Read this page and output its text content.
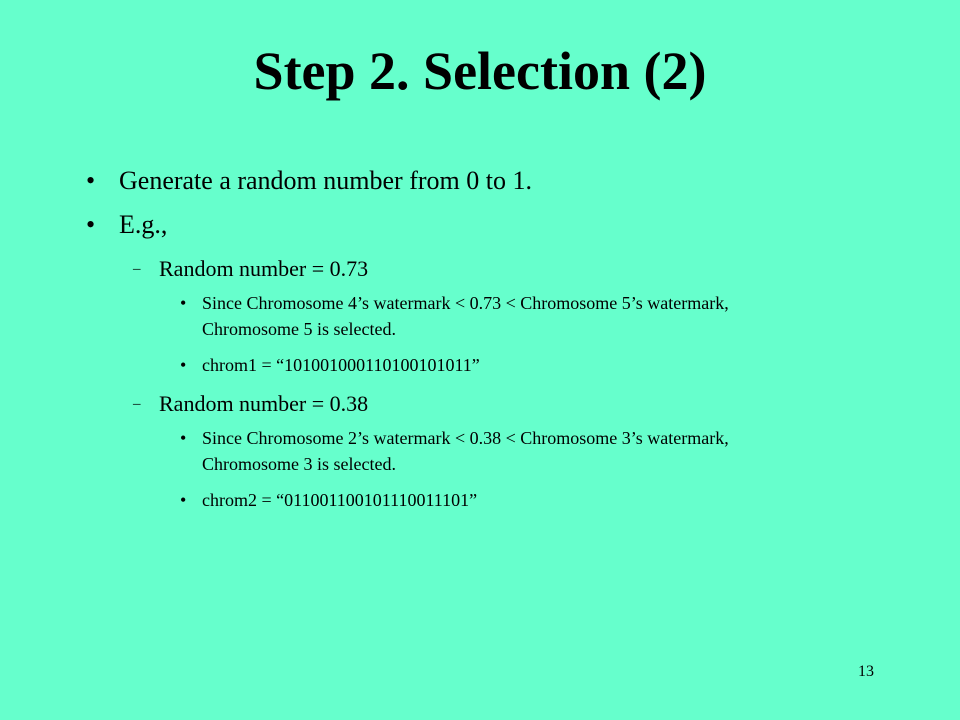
Step 2. Selection (2)
• Generate a random number from 0 to 1.
• E.g.,
– Random number = 0.73
• Since Chromosome 4’s watermark < 0.73 < Chromosome 5’s watermark, Chromosome 5 is selected.
• chrom1 = “101001000110100101011”
– Random number = 0.38
• Since Chromosome 2’s watermark < 0.38 < Chromosome 3’s watermark, Chromosome 3 is selected.
• chrom2 = “011001100101110011101”
13
